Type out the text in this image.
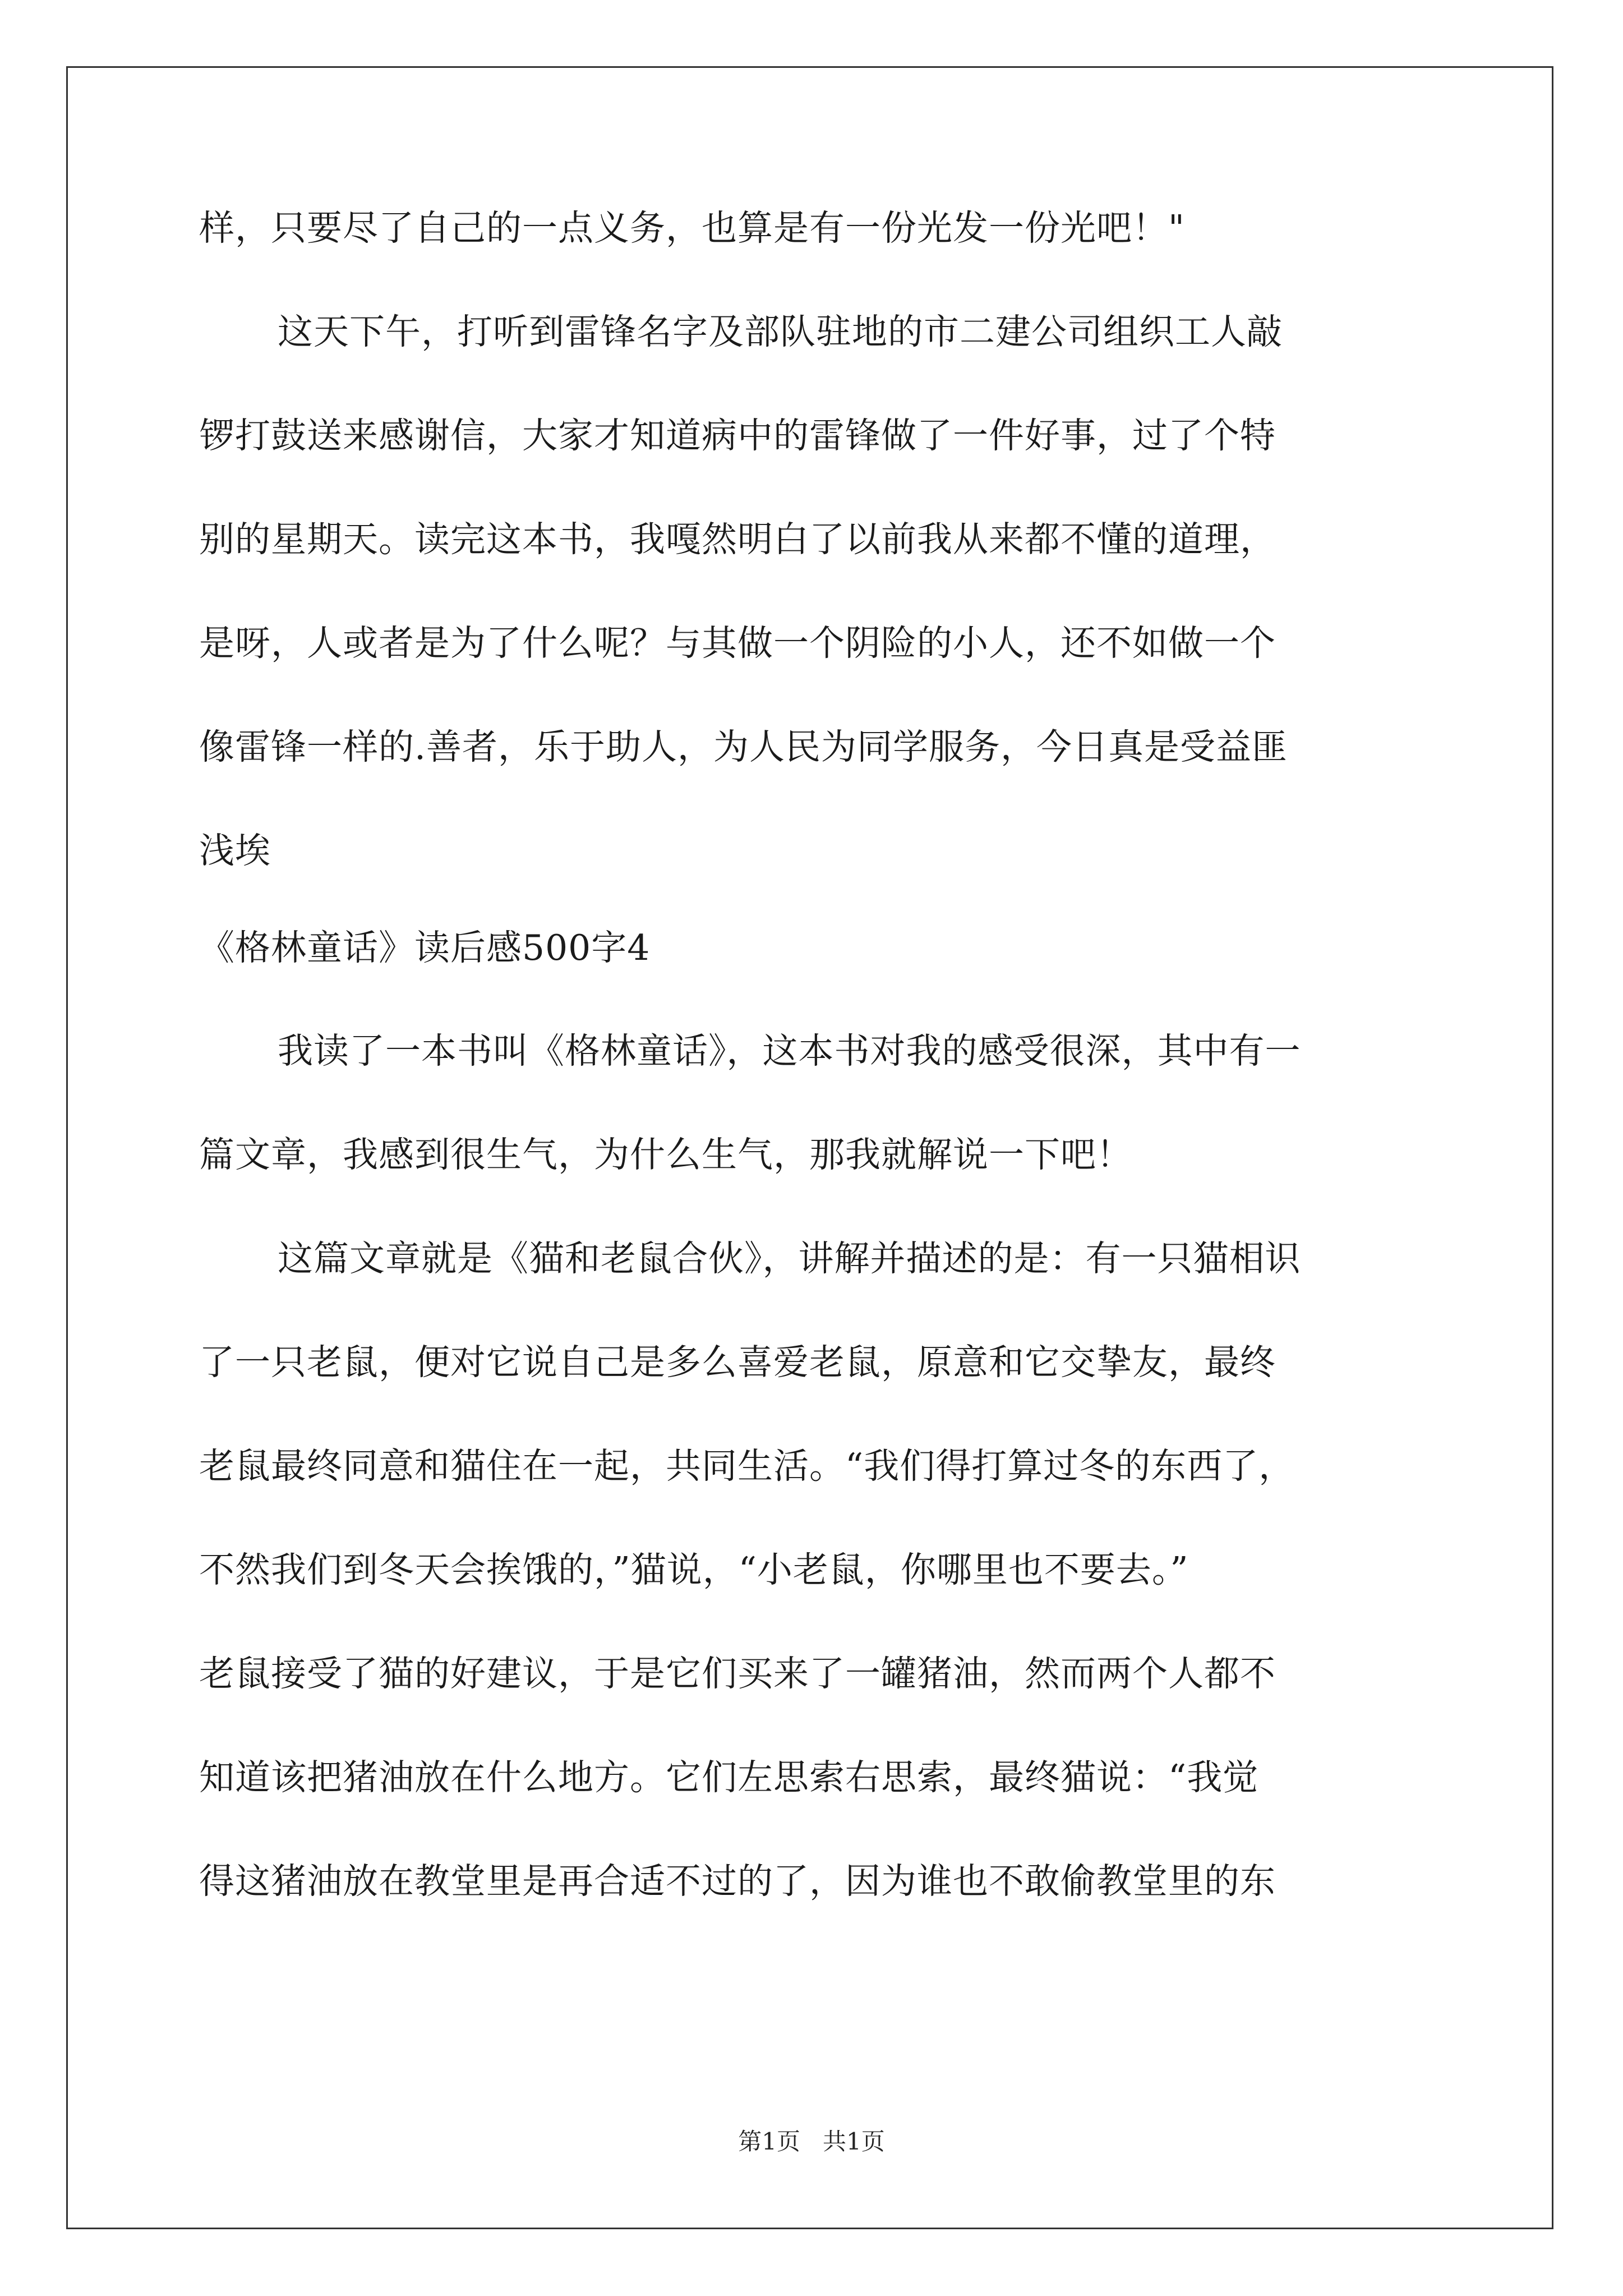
样，只要尽了自己的一点义务，也算是有一份光发一份光吧！"
这天下午，打听到雷锋名字及部队驻地的市二建公司组织工人敲
锣打鼓送来感谢信，大家才知道病中的雷锋做了一件好事，过了个特
别的星期天。读完这本书，我嘎然明白了以前我从来都不懂的道理，
是呀，人或者是为了什么呢？与其做一个阴险的小人，还不如做一个
像雷锋一样的.善者，乐于助人，为人民为同学服务，今日真是受益匪
浅埃
《格林童话》读后感500字4
我读了一本书叫《格林童话》，这本书对我的感受很深，其中有一
篇文章，我感到很生气，为什么生气，那我就解说一下吧！
这篇文章就是《猫和老鼠合伙》，讲解并描述的是：有一只猫相识
了一只老鼠，便对它说自己是多么喜爱老鼠，原意和它交挚友，最终
老鼠最终同意和猫住在一起，共同生活。“我们得打算过冬的东西了，
不然我们到冬天会挨饿的，”猫说，“小老鼠，你哪里也不要去。”
老鼠接受了猫的好建议，于是它们买来了一罐猪油，然而两个人都不
知道该把猪油放在什么地方。它们左思索右思索，最终猫说：“我觉
得这猪油放在教堂里是再合适不过的了，因为谁也不敢偷教堂里的东
第1页 共1页
